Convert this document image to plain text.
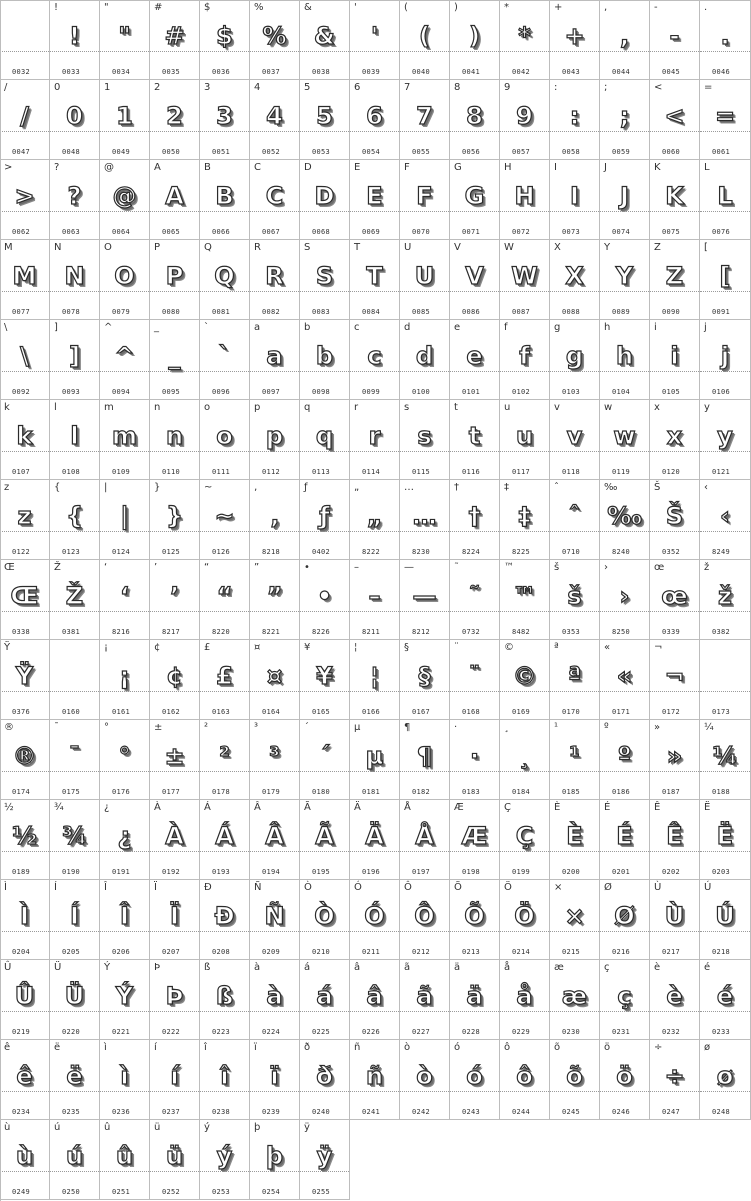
0032
!
!
0033
"
"
0034
#
#
0035
$
$
0036
%
%
0037
&
&
0038
'
'
0039
(
(
0040
)
)
0041
*
*
0042
+
+
0043
,
,
0044
-
-
0045
.
.
0046
/
/
0047
0
0
0048
1
1
0049
2
2
0050
3
3
0051
4
4
0052
5
5
0053
6
6
0054
7
7
0055
8
8
0056
9
9
0057
:
:
0058
;
;
0059
<
<
0060
=
=
0061
>
>
0062
?
?
0063
@
@
0064
A
A
0065
B
B
0066
C
C
0067
D
D
0068
E
E
0069
F
F
0070
G
G
0071
H
H
0072
I
I
0073
J
J
0074
K
K
0075
L
L
0076
M
M
0077
N
N
0078
O
O
0079
P
P
0080
Q
Q
0081
R
R
0082
S
S
0083
T
T
0084
U
U
0085
V
V
0086
W
W
0087
X
X
0088
Y
Y
0089
Z
Z
0090
[
[
0091
\
\
0092
]
]
0093
^
^
0094
_
_
0095
`
`
0096
a
a
0097
b
b
0098
c
c
0099
d
d
0100
e
e
0101
f
f
0102
g
g
0103
h
h
0104
i
i
0105
j
j
0106
k
k
0107
l
l
0108
m
m
0109
n
n
0110
o
o
0111
p
p
0112
q
q
0113
r
r
0114
s
s
0115
t
t
0116
u
u
0117
v
v
0118
w
w
0119
x
x
0120
y
y
0121
z
z
0122
{
{
0123
|
|
0124
}
}
0125
~
~
0126
‚
‚
8218
ƒ
ƒ
0402
„
„
8222
…
…
8230
†
†
8224
‡
‡
8225
ˆ
ˆ
0710
‰
‰
8240
Š
Š
0352
‹
‹
8249
Œ
Œ
0338
Ž
Ž
0381
‘
‘
8216
’
’
8217
“
“
8220
”
”
8221
•
•
8226
–
–
8211
—
—
8212
˜
˜
0732
™
™
8482
š
š
0353
›
›
8250
œ
œ
0339
ž
ž
0382
Ÿ
Ÿ
0376	0160
¡
¡
0161
¢
¢
0162
£
£
0163
¤
¤
0164
¥
¥
0165
¦
¦
0166
§
§
0167
¨
¨
0168
©
©
0169
ª
ª
0170
«
«
0171
¬
¬
0172	0173
®
®
0174
¯
¯
0175
°
°
0176
±
±
0177
²
²
0178
³
³
0179
´
´
0180
µ
µ
0181
¶
¶
0182
·
·
0183
¸
¸
0184
¹
¹
0185
º
º
0186
»
»
0187
¼
¼
0188
½
½
0189
¾
¾
0190
¿
¿
0191
À
À
0192
Á
Á
0193
Â
Â
0194
Ã
Ã
0195
Ä
Ä
0196
Å
Å
0197
Æ
Æ
0198
Ç
Ç
0199
È
È
0200
É
É
0201
Ê
Ê
0202
Ë
Ë
0203
Ì
Ì
0204
Í
Í
0205
Î
Î
0206
Ï
Ï
0207
Ð
Ð
0208
Ñ
Ñ
0209
Ò
Ò
0210
Ó
Ó
0211
Ô
Ô
0212
Õ
Õ
0213
Ö
Ö
0214
×
×
0215
Ø
Ø
0216
Ù
Ù
0217
Ú
Ú
0218
Û
Û
0219
Ü
Ü
0220
Ý
Ý
0221
Þ
Þ
0222
ß
ß
0223
à
à
0224
á
á
0225
â
â
0226
ã
ã
0227
ä
ä
0228
å
å
0229
æ
æ
0230
ç
ç
0231
è
è
0232
é
é
0233
ê
ê
0234
ë
ë
0235
ì
ì
0236
í
í
0237
î
î
0238
ï
ï
0239
ð
ð
0240
ñ
ñ
0241
ò
ò
0242
ó
ó
0243
ô
ô
0244
õ
õ
0245
ö
ö
0246
÷
÷
0247
ø
ø
0248
ù
ù
0249
ú
ú
0250
û
û
0251
ü
ü
0252
ý
ý
0253
þ
þ
0254
ÿ
ÿ
0255
